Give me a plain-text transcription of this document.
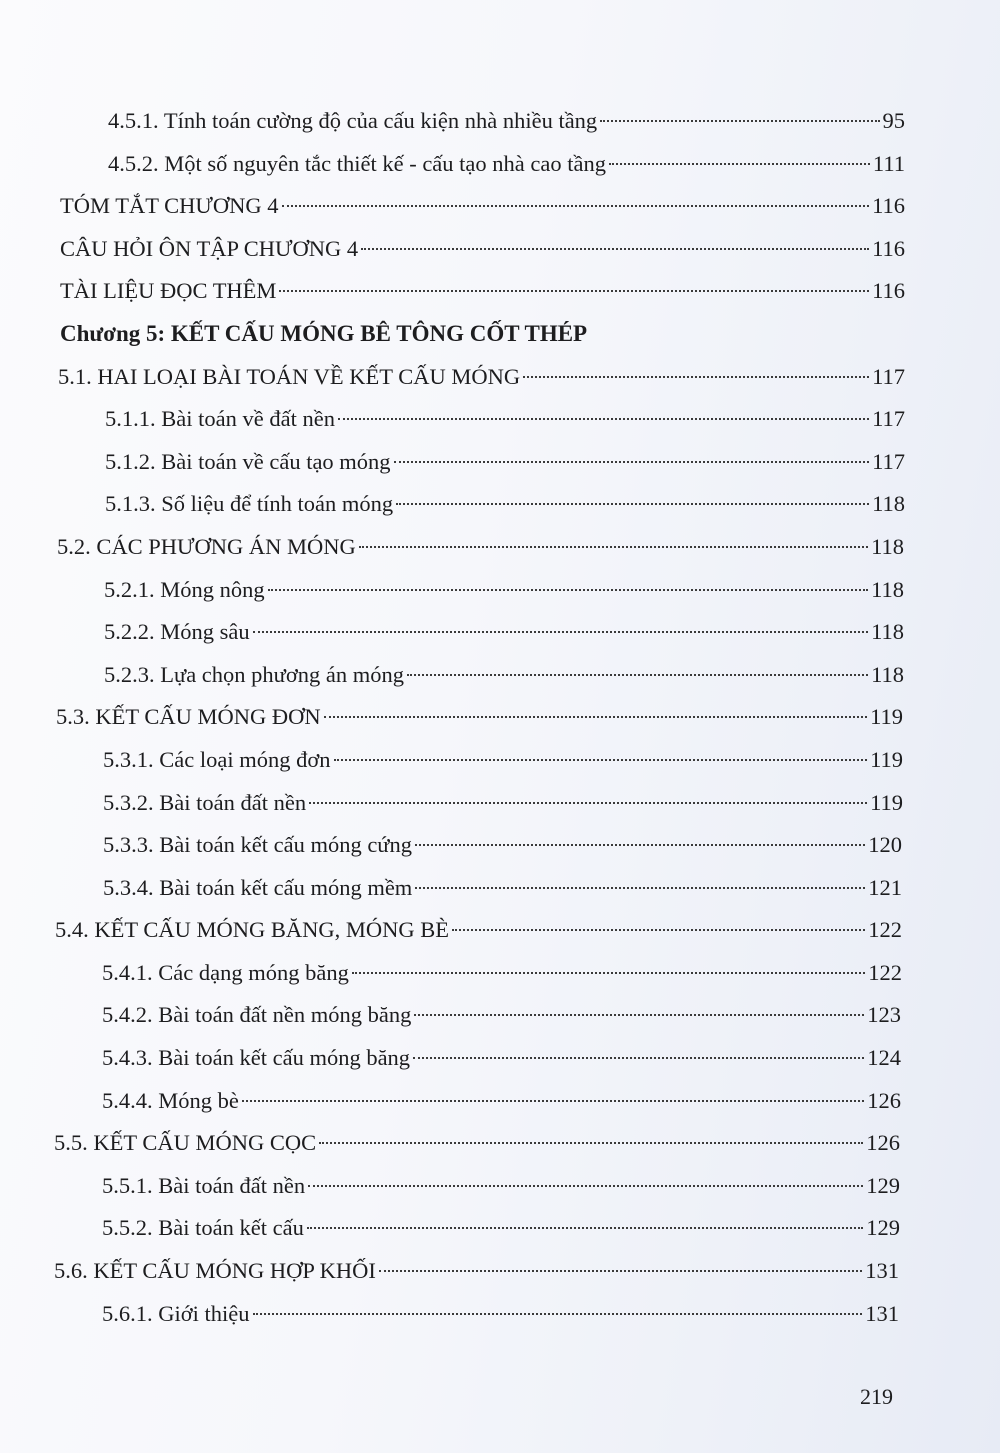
4.5.1. Tính toán cường độ của cấu kiện nhà nhiều tầng	95
4.5.2. Một số nguyên tắc thiết kế - cấu tạo nhà cao tầng	111
TÓM TẮT CHƯƠNG 4	116
CÂU HỎI ÔN TẬP CHƯƠNG 4	116
TÀI LIỆU ĐỌC THÊM	116
Chương 5: KẾT CẤU MÓNG BÊ TÔNG CỐT THÉP
5.1. HAI LOẠI BÀI TOÁN VỀ KẾT CẤU MÓNG	117
5.1.1. Bài toán về đất nền	117
5.1.2. Bài toán về cấu tạo móng	117
5.1.3. Số liệu để tính toán móng	118
5.2. CÁC PHƯƠNG ÁN MÓNG	118
5.2.1. Móng nông	118
5.2.2. Móng sâu	118
5.2.3. Lựa chọn phương án móng	118
5.3. KẾT CẤU MÓNG ĐƠN	119
5.3.1. Các loại móng đơn	119
5.3.2. Bài toán đất nền	119
5.3.3. Bài toán kết cấu móng cứng	120
5.3.4. Bài toán kết cấu móng mềm	121
5.4. KẾT CẤU MÓNG BĂNG, MÓNG BÈ	122
5.4.1. Các dạng móng băng	122
5.4.2. Bài toán đất nền móng băng	123
5.4.3. Bài toán kết cấu móng băng	124
5.4.4. Móng bè	126
5.5. KẾT CẤU MÓNG CỌC	126
5.5.1. Bài toán đất nền	129
5.5.2. Bài toán kết cấu	129
5.6. KẾT CẤU MÓNG HỢP KHỐI	131
5.6.1. Giới thiệu	131
219
